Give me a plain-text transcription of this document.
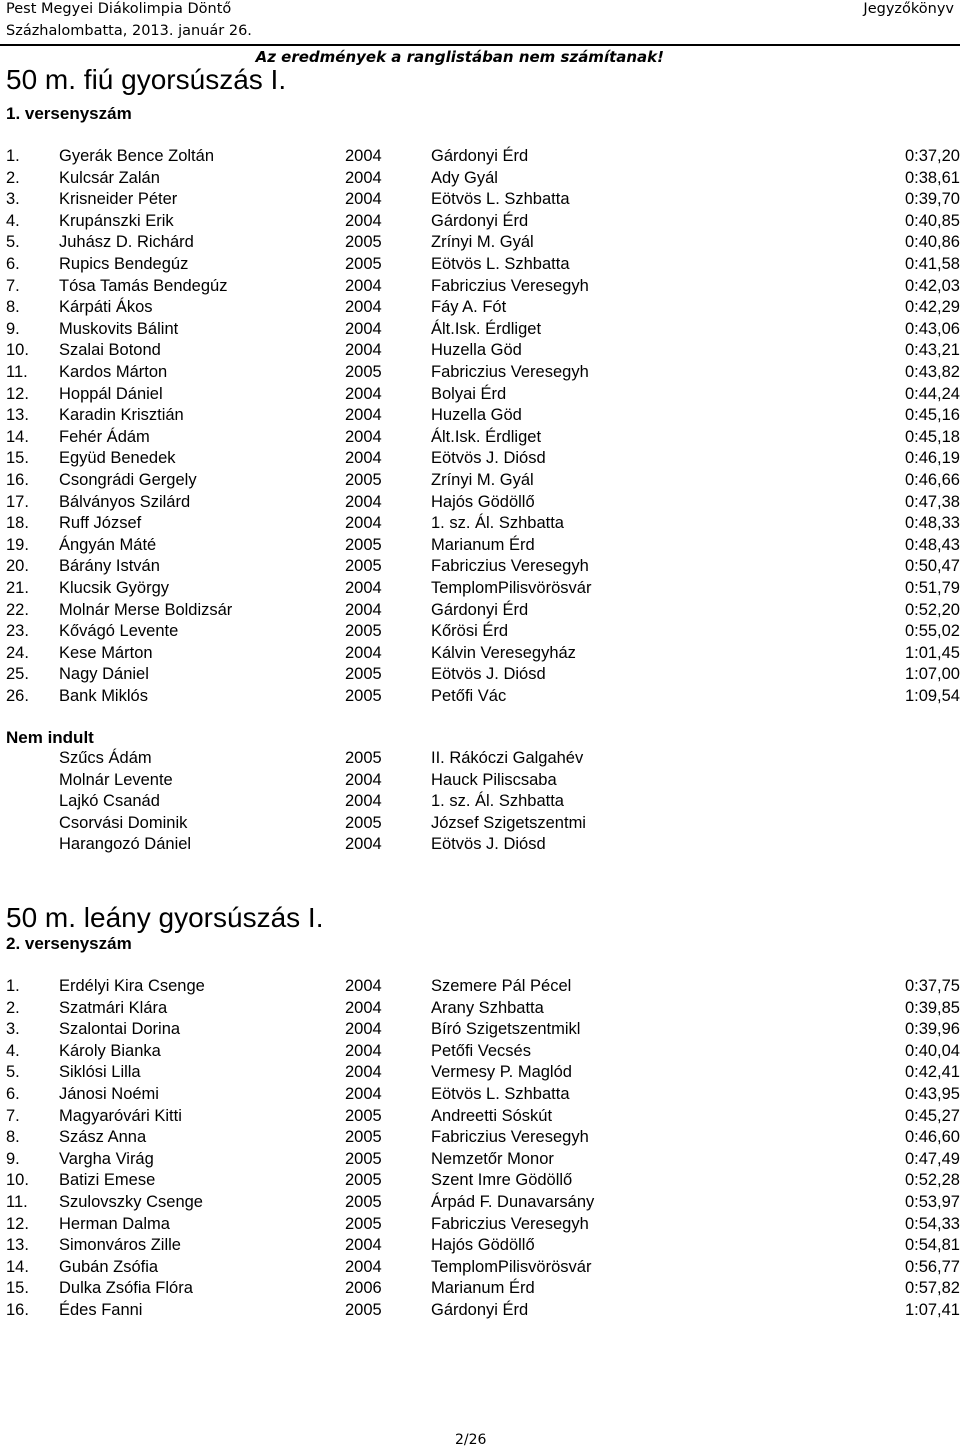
Pest Megyei Diákolimpia Döntő
Százhalombatta, 2013. január 26.
Jegyzőkönyv
Az eredmények a ranglistában nem számítanak!
50 m. fiú gyorsúszás I.
1. versenyszám
1. Gyerák Bence Zoltán	2004	Gárdonyi Érd	0:37,20
2. Kulcsár Zalán	2004	Ady Gyál	0:38,61
3. Krisneider Péter	2004	Eötvös L. Szhbatta	0:39,70
4. Krupánszki Erik	2004	Gárdonyi Érd	0:40,85
5. Juhász D. Richárd	2005	Zrínyi M. Gyál	0:40,86
6. Rupics Bendegúz	2005	Eötvös L. Szhbatta	0:41,58
7. Tósa Tamás Bendegúz	2004	Fabriczius Veresegyh	0:42,03
8. Kárpáti Ákos	2004	Fáy A. Fót	0:42,29
9. Muskovits Bálint	2004	Ált.Isk. Érdliget	0:43,06
10. Szalai Botond	2004	Huzella Göd	0:43,21
11. Kardos Márton	2005	Fabriczius Veresegyh	0:43,82
12. Hoppál Dániel	2004	Bolyai Érd	0:44,24
13. Karadin Krisztián	2004	Huzella Göd	0:45,16
14. Fehér Ádám	2004	Ált.Isk. Érdliget	0:45,18
15. Együd Benedek	2004	Eötvös J. Diósd	0:46,19
16. Csongrádi Gergely	2005	Zrínyi M. Gyál	0:46,66
17. Bálványos Szilárd	2004	Hajós Gödöllő	0:47,38
18. Ruff József	2004	1. sz. Ál. Szhbatta	0:48,33
19. Ángyán Máté	2005	Marianum Érd	0:48,43
20. Bárány István	2005	Fabriczius Veresegyh	0:50,47
21. Klucsik György	2004	TemplomPilisvörösvár	0:51,79
22. Molnár Merse Boldizsár	2004	Gárdonyi Érd	0:52,20
23. Kővágó Levente	2005	Kőrösi Érd	0:55,02
24. Kese Márton	2004	Kálvin Veresegyház	1:01,45
25. Nagy Dániel	2005	Eötvös J. Diósd	1:07,00
26. Bank Miklós	2005	Petőfi Vác	1:09,54
Nem indult
Szűcs Ádám	2005	II. Rákóczi Galgahév
Molnár Levente	2004	Hauck Piliscsaba
Lajkó Csanád	2004	1. sz. Ál. Szhbatta
Csorvási Dominik	2005	József Szigetszentmi
Harangozó Dániel	2004	Eötvös J. Diósd
50 m. leány gyorsúszás I.
2. versenyszám
1. Erdélyi Kira Csenge	2004	Szemere Pál Pécel	0:37,75
2. Szatmári Klára	2004	Arany Szhbatta	0:39,85
3. Szalontai Dorina	2004	Bíró Szigetszentmikl	0:39,96
4. Károly Bianka	2004	Petőfi Vecsés	0:40,04
5. Siklósi Lilla	2004	Vermesy P. Maglód	0:42,41
6. Jánosi Noémi	2004	Eötvös L. Szhbatta	0:43,95
7. Magyaróvári Kitti	2005	Andreetti Sóskút	0:45,27
8. Szász Anna	2005	Fabriczius Veresegyh	0:46,60
9. Vargha Virág	2005	Nemzetőr Monor	0:47,49
10. Batizi Emese	2005	Szent Imre Gödöllő	0:52,28
11. Szulovszky Csenge	2005	Árpád F. Dunavarsány	0:53,97
12. Herman Dalma	2005	Fabriczius Veresegyh	0:54,33
13. Simonváros Zille	2004	Hajós Gödöllő	0:54,81
14. Gubán Zsófia	2004	TemplomPilisvörösvár	0:56,77
15. Dulka Zsófia Flóra	2006	Marianum Érd	0:57,82
16. Édes Fanni	2005	Gárdonyi Érd	1:07,41
2/26
